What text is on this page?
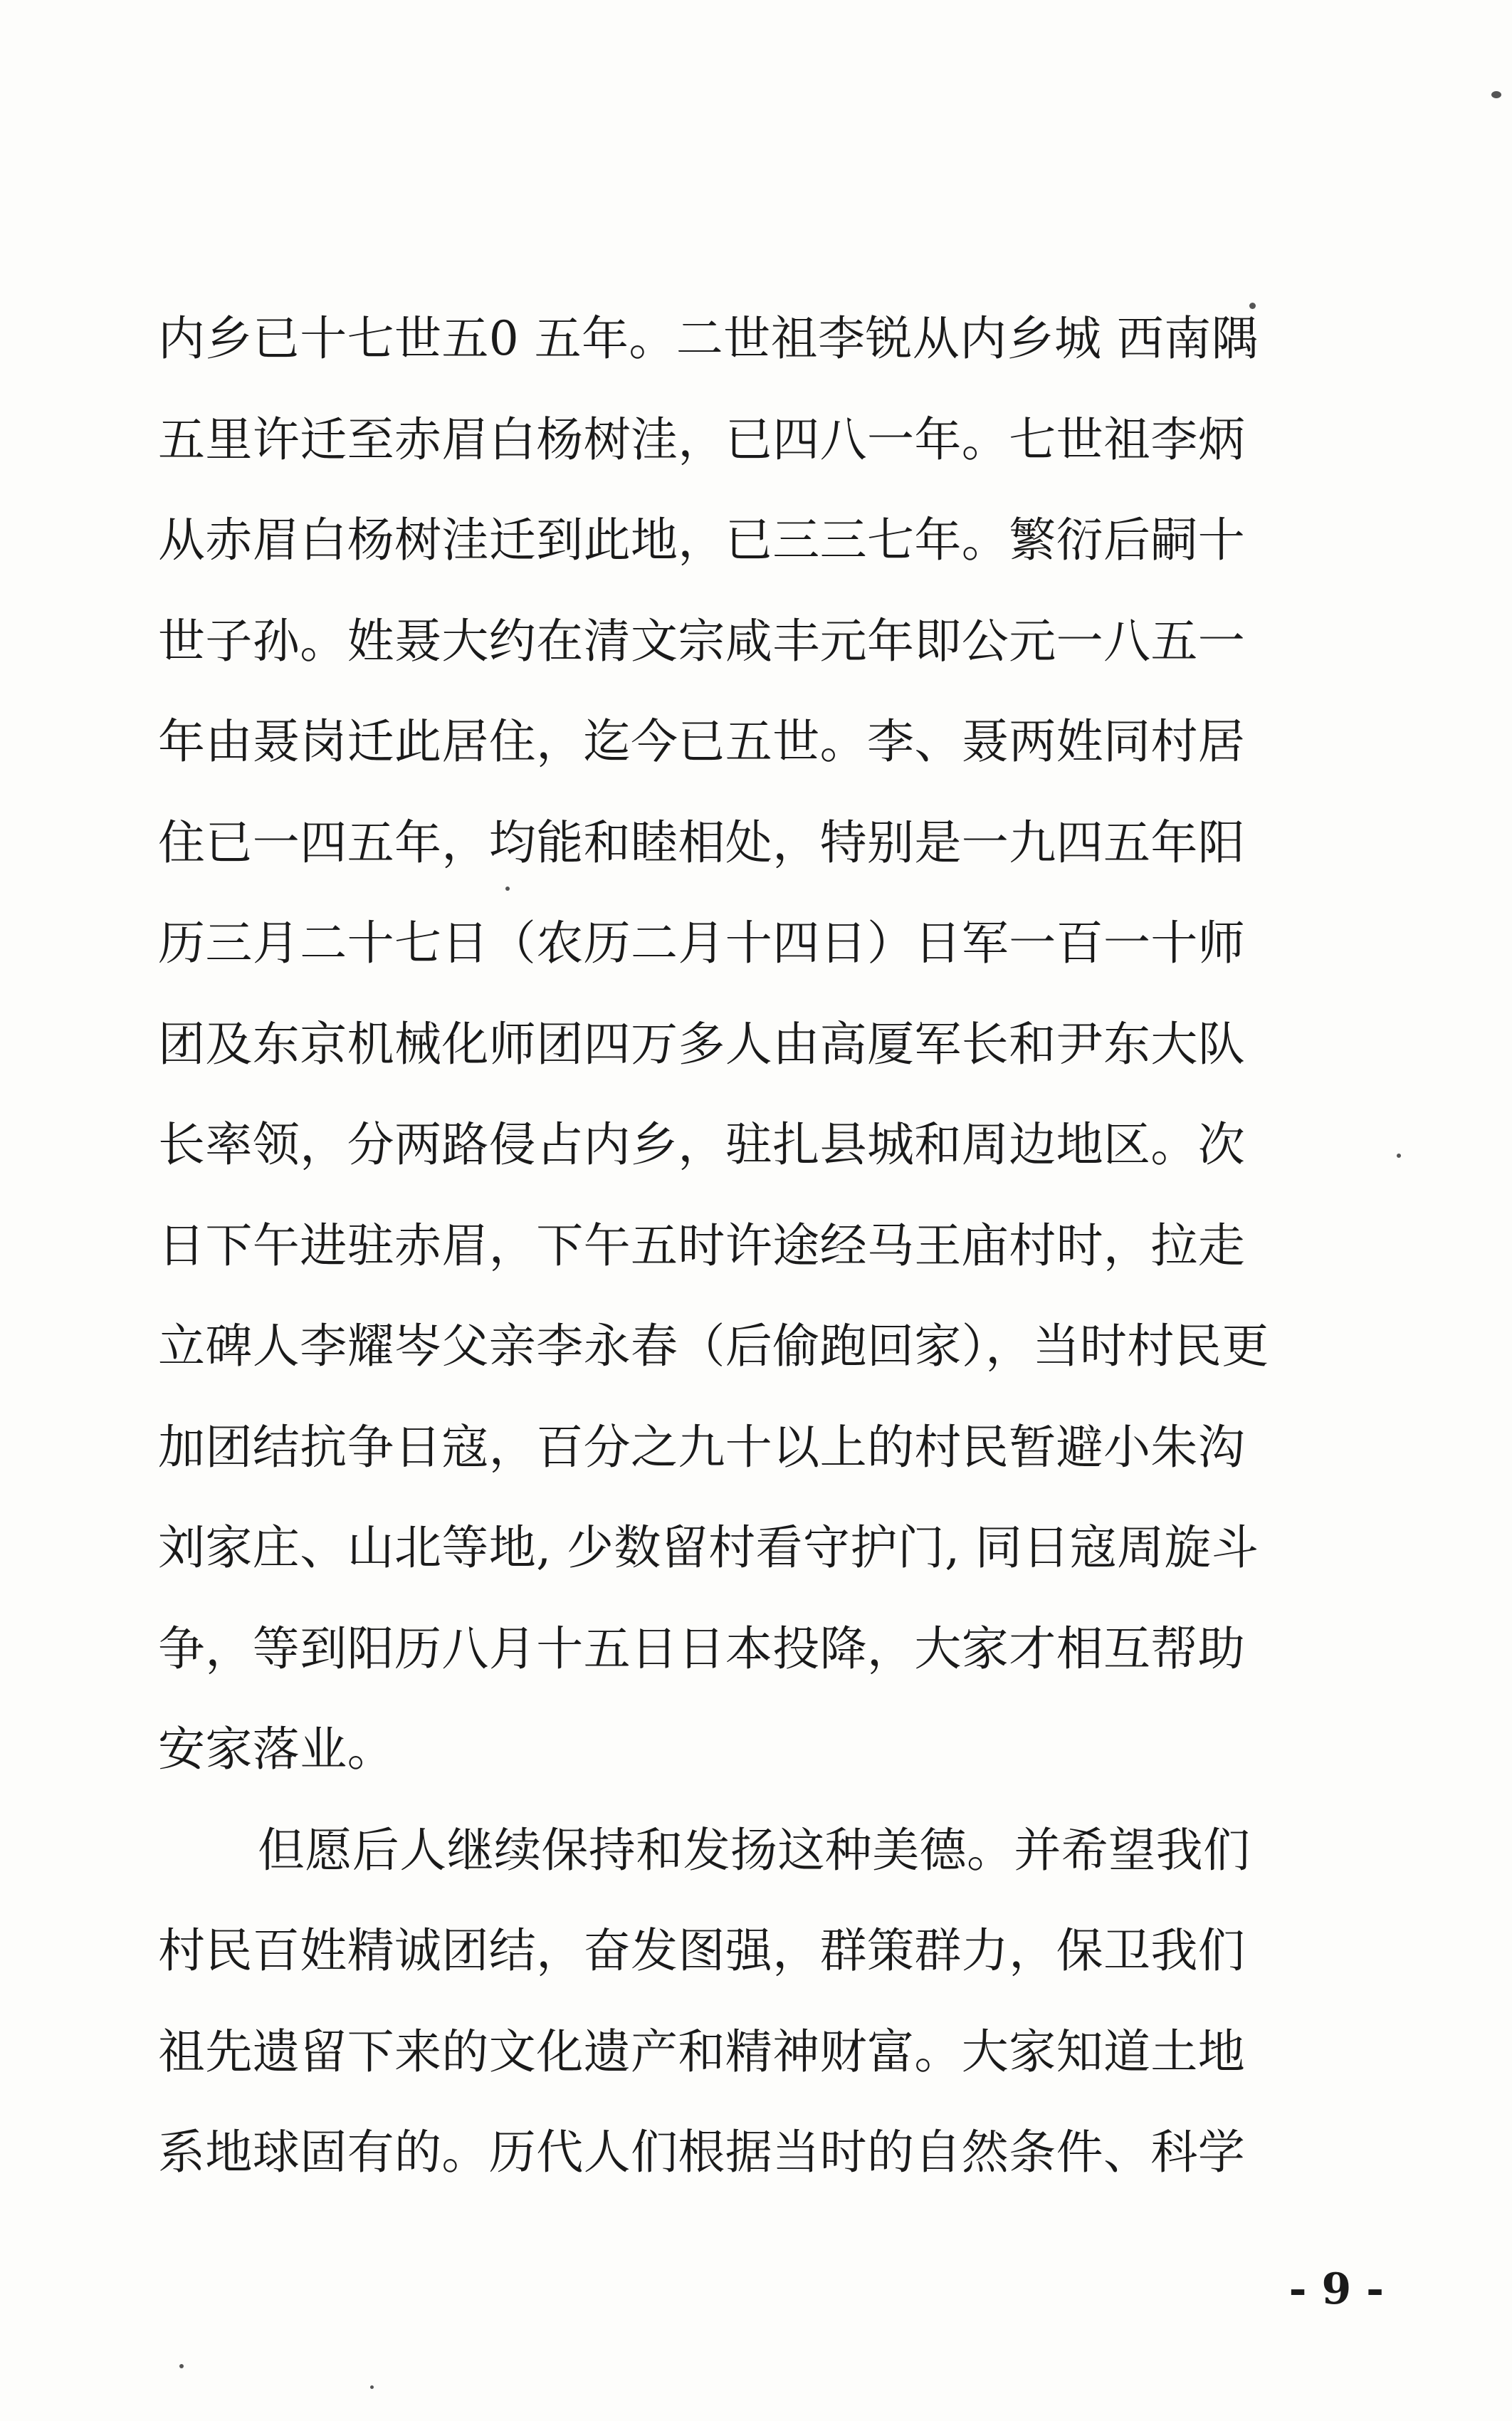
内乡已十七世五0 五年。二世祖李锐从内乡城 西南隅
五里许迁至赤眉白杨树洼，已四八一年。七世祖李炳
从赤眉白杨树洼迁到此地，已三三七年。繁衍后嗣十
世子孙。姓聂大约在清文宗咸丰元年即公元一八五一
年由聂岗迁此居住，迄今已五世。李、聂两姓同村居
住已一四五年，均能和睦相处，特别是一九四五年阳
历三月二十七日（农历二月十四日）日军一百一十师
团及东京机械化师团四万多人由高厦军长和尹东大队
长率领，分两路侵占内乡，驻扎县城和周边地区。次
日下午进驻赤眉，下午五时许途经马王庙村时，拉走
立碑人李耀岑父亲李永春（后偷跑回家），当时村民更
加团结抗争日寇，百分之九十以上的村民暂避小朱沟
刘家庄、山北等地, 少数留村看守护门, 同日寇周旋斗
争，等到阳历八月十五日日本投降，大家才相互帮助
安家落业。
但愿后人继续保持和发扬这种美德。并希望我们
村民百姓精诚团结，奋发图强，群策群力，保卫我们
祖先遗留下来的文化遗产和精神财富。大家知道土地
系地球固有的。历代人们根据当时的自然条件、科学
- 9 -
